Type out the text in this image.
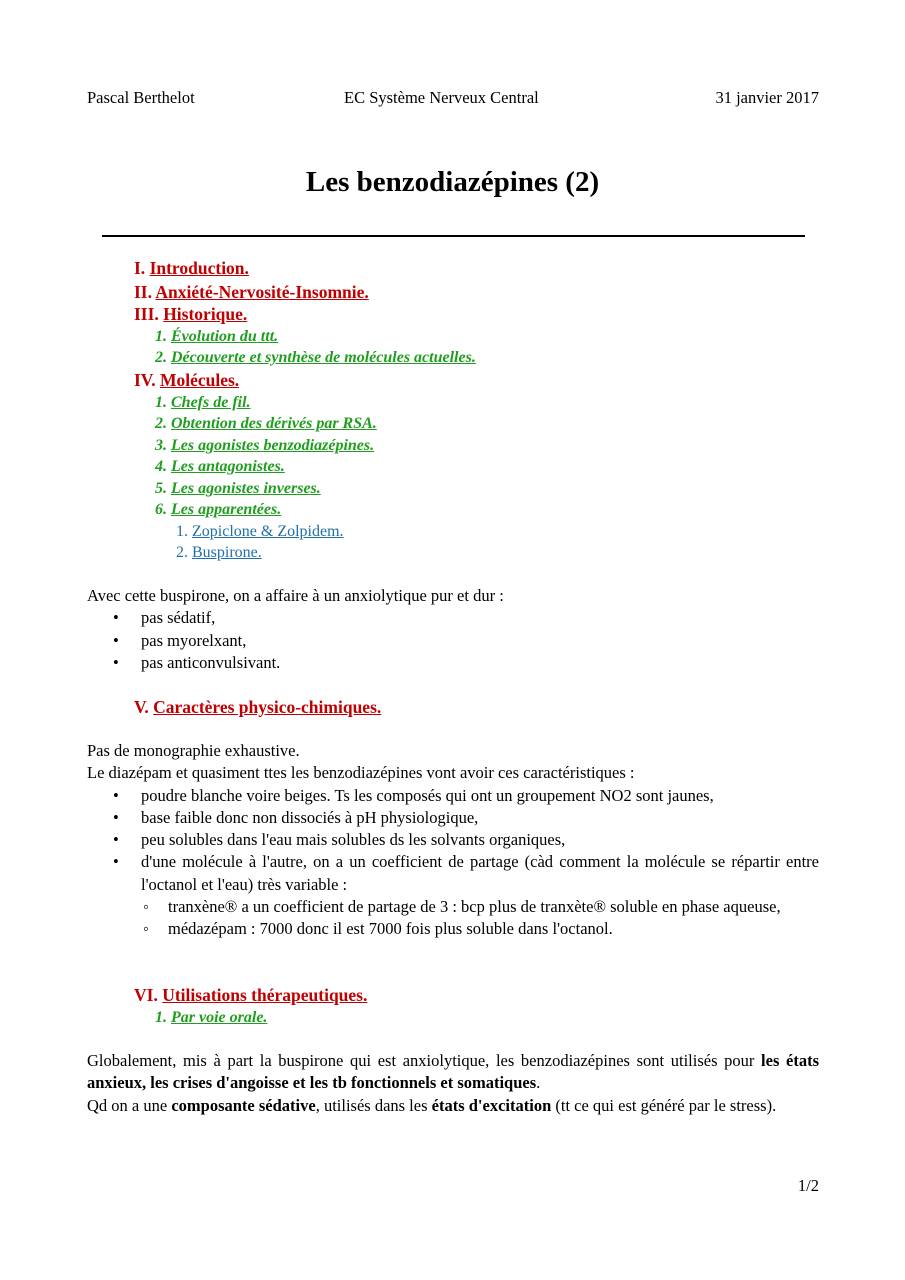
Pascal Berthelot	EC Système Nerveux Central	31 janvier 2017
Les benzodiazépines (2)
I. Introduction.
II. Anxiété-Nervosité-Insomnie.
III. Historique.
1. Évolution du ttt.
2. Découverte et synthèse de molécules actuelles.
IV. Molécules.
1. Chefs de fil.
2. Obtention des dérivés par RSA.
3. Les agonistes benzodiazépines.
4. Les antagonistes.
5. Les agonistes inverses.
6. Les apparentées.
1. Zopiclone & Zolpidem.
2. Buspirone.

Avec cette buspirone, on a affaire à un anxiolytique pur et dur :

• pas sédatif,
• pas myorelxant,
• pas anticonvulsivant.
V. Caractères physico-chimiques.

Pas de monographie exhaustive.

Le diazépam et quasiment ttes les benzodiazépines vont avoir ces caractéristiques :

• poudre blanche voire beiges. Ts les composés qui ont un groupement NO2 sont jaunes,
• base faible donc non dissociés à pH physiologique,
• peu solubles dans l'eau mais solubles ds les solvants organiques,
• d'une molécule à l'autre, on a un coefficient de partage (càd comment la molécule se répartir entre l'octanol et l'eau) très variable :
◦ tranxène® a un coefficient de partage de 3 : bcp plus de tranxète® soluble en phase aqueuse,
◦ médazépam : 7000 donc il est 7000 fois plus soluble dans l'octanol.
VI. Utilisations thérapeutiques.
1. Par voie orale.

Globalement, mis à part la buspirone qui est anxiolytique, les benzodiazépines sont utilisés pour les états anxieux, les crises d'angoisse et les tb fonctionnels et somatiques.

Qd on a une composante sédative, utilisés dans les états d'excitation (tt ce qui est généré par le stress).

1/2
